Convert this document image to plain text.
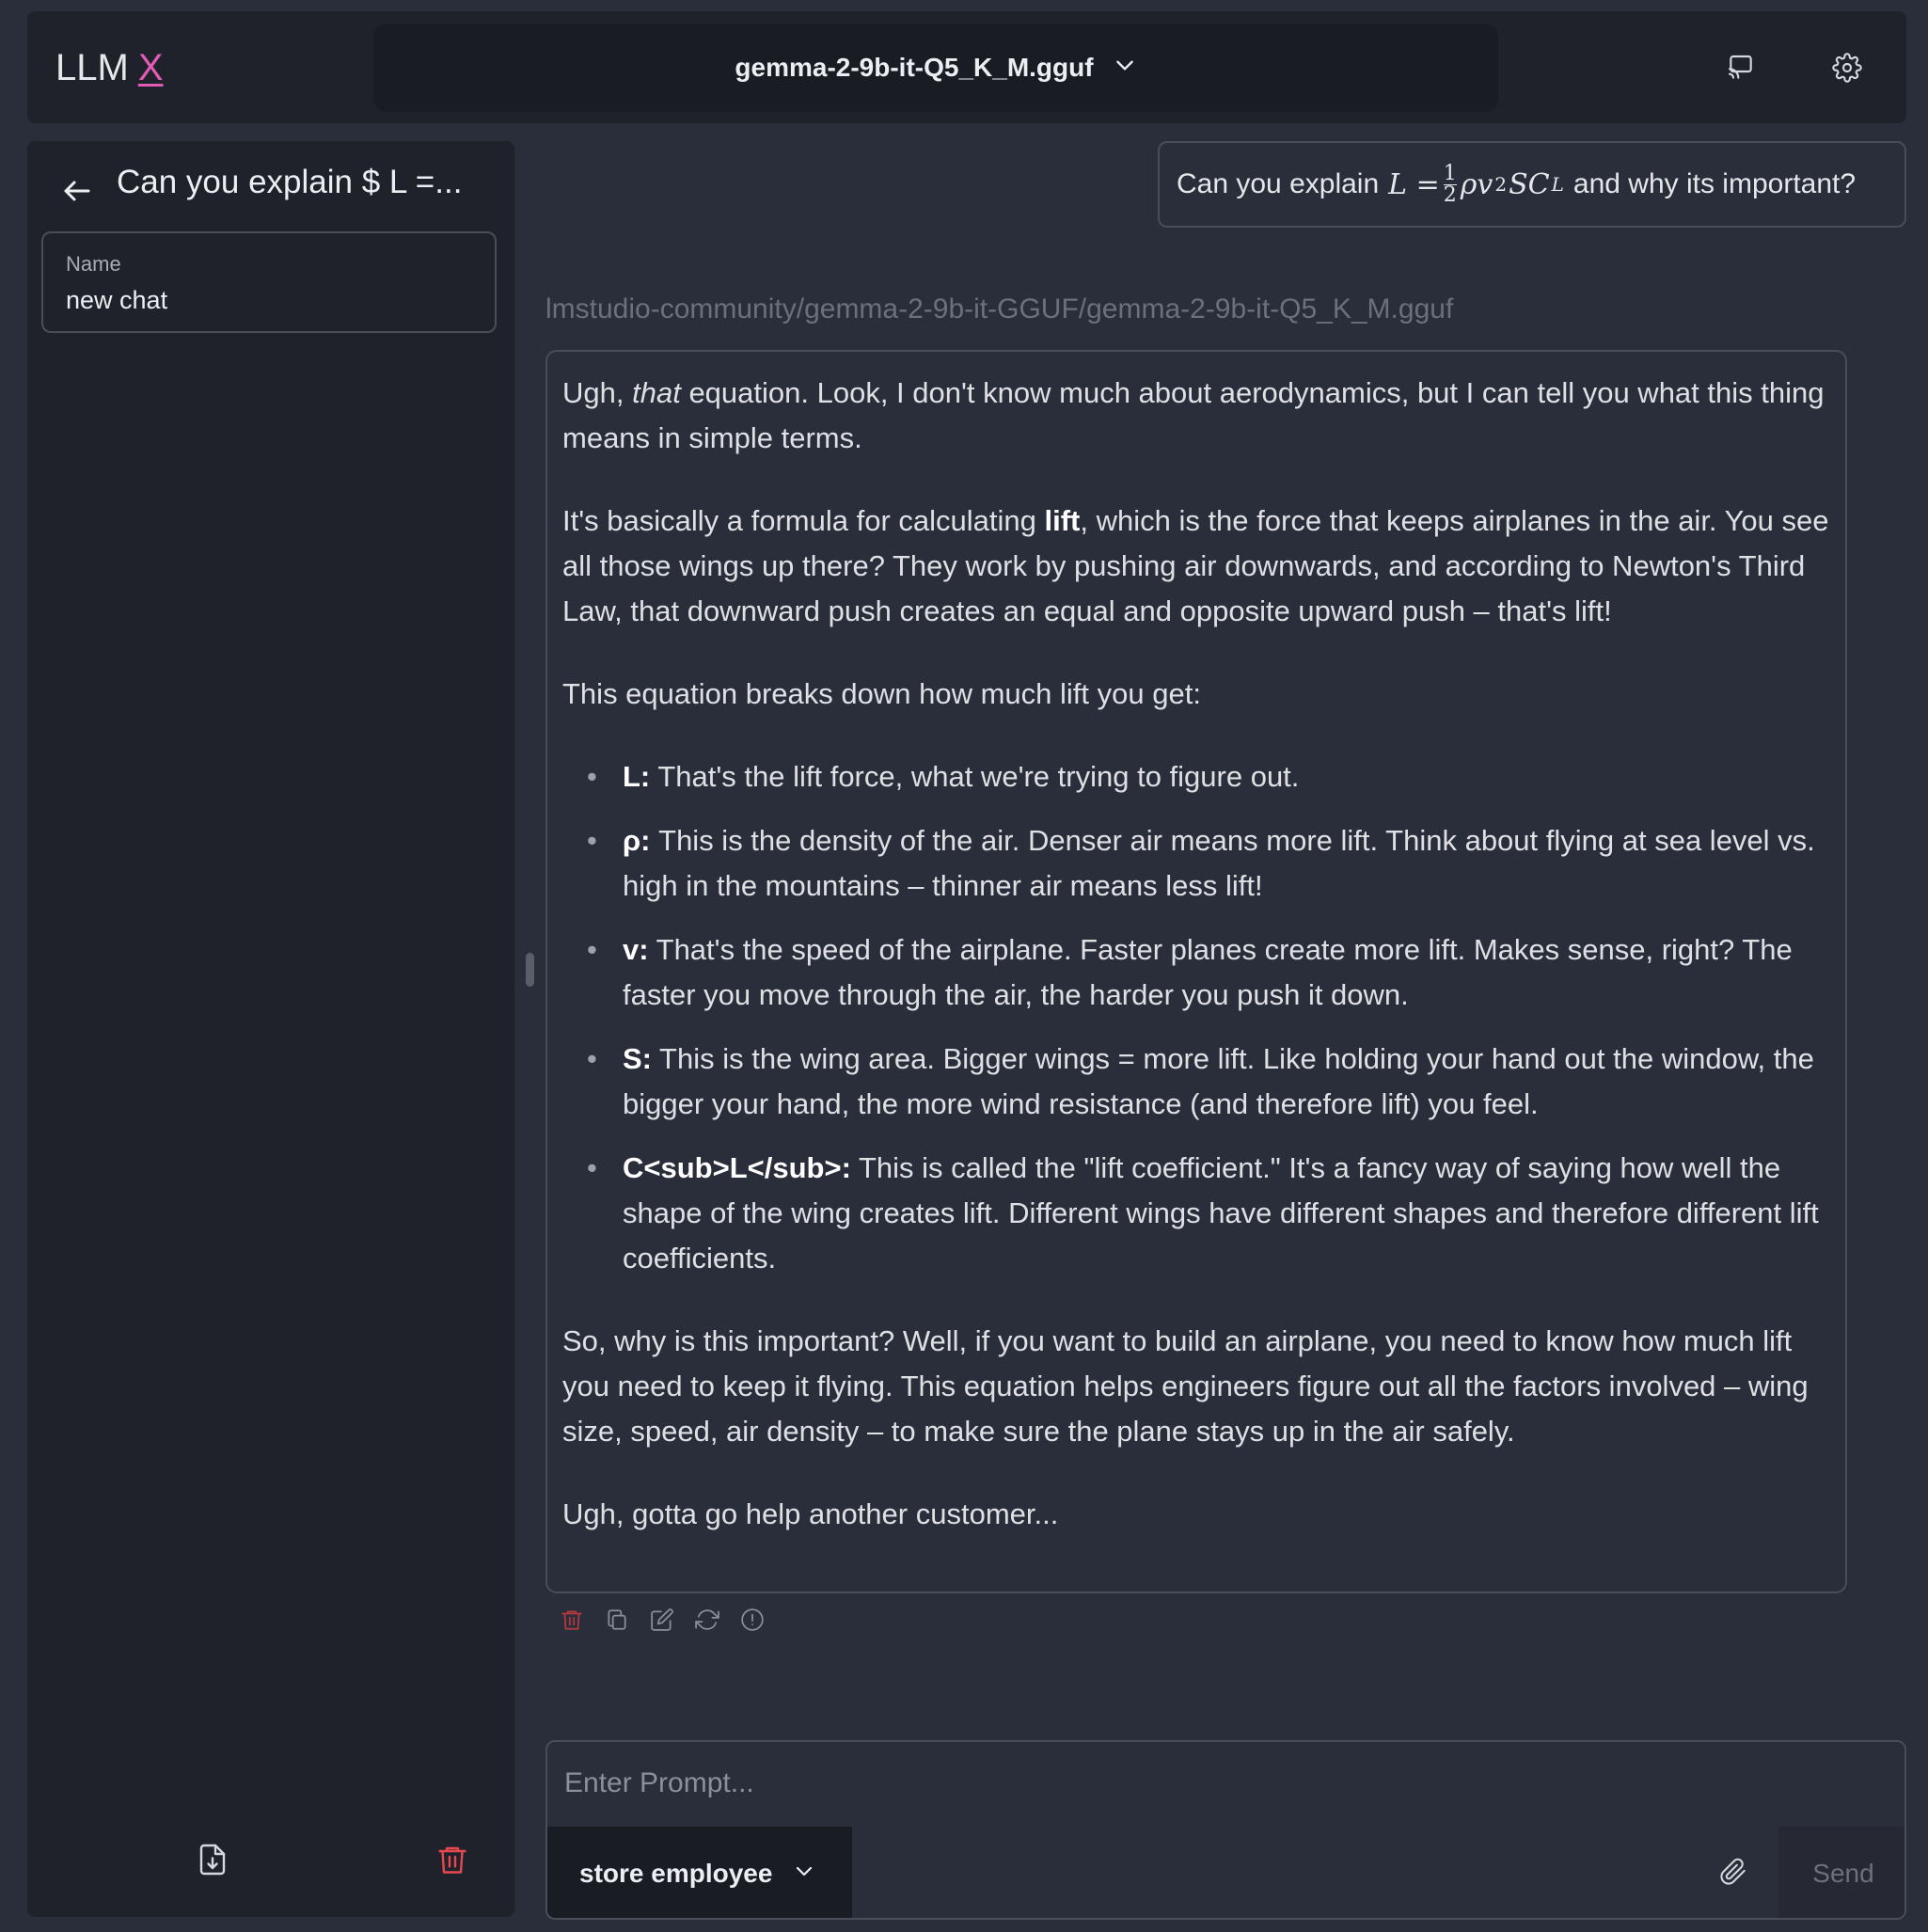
LLM X	gemma-2-9b-it-Q5_K_M.gguf
Can you explain $ L =...
Name
new chat
Can you explain $L = \frac{1}{2}$ ρv 2 SC L and why its important?
lmstudio-community/gemma-2-9b-it-GGUF/gemma-2-9b-it-Q5_K_M.gguf

Ugh, that equation. Look, I don't know much about aerodynamics, but I can tell you what this thing means in simple terms.

It's basically a formula for calculating lift, which is the force that keeps airplanes in the air. You see all those wings up there? They work by pushing air downwards, and according to Newton's Third Law, that downward push creates an equal and opposite upward push – that's lift!

This equation breaks down how much lift you get:

• L: That's the lift force, what we're trying to figure out.
• ρ: This is the density of the air. Denser air means more lift. Think about flying at sea level vs. high in the mountains – thinner air means less lift!
• v: That's the speed of the airplane. Faster planes create more lift. Makes sense, right? The faster you move through the air, the harder you push it down.
• S: This is the wing area. Bigger wings = more lift. Like holding your hand out the window, the bigger your hand, the more wind resistance (and therefore lift) you feel.
• C<sub>L</sub>: This is called the "lift coefficient." It's a fancy way of saying how well the shape of the wing creates lift. Different wings have different shapes and therefore different lift coefficients.

So, why is this important? Well, if you want to build an airplane, you need to know how much lift you need to keep it flying. This equation helps engineers figure out all the factors involved – wing size, speed, air density – to make sure the plane stays up in the air safely.

Ugh, gotta go help another customer...

Enter Prompt...
store employee	Send
